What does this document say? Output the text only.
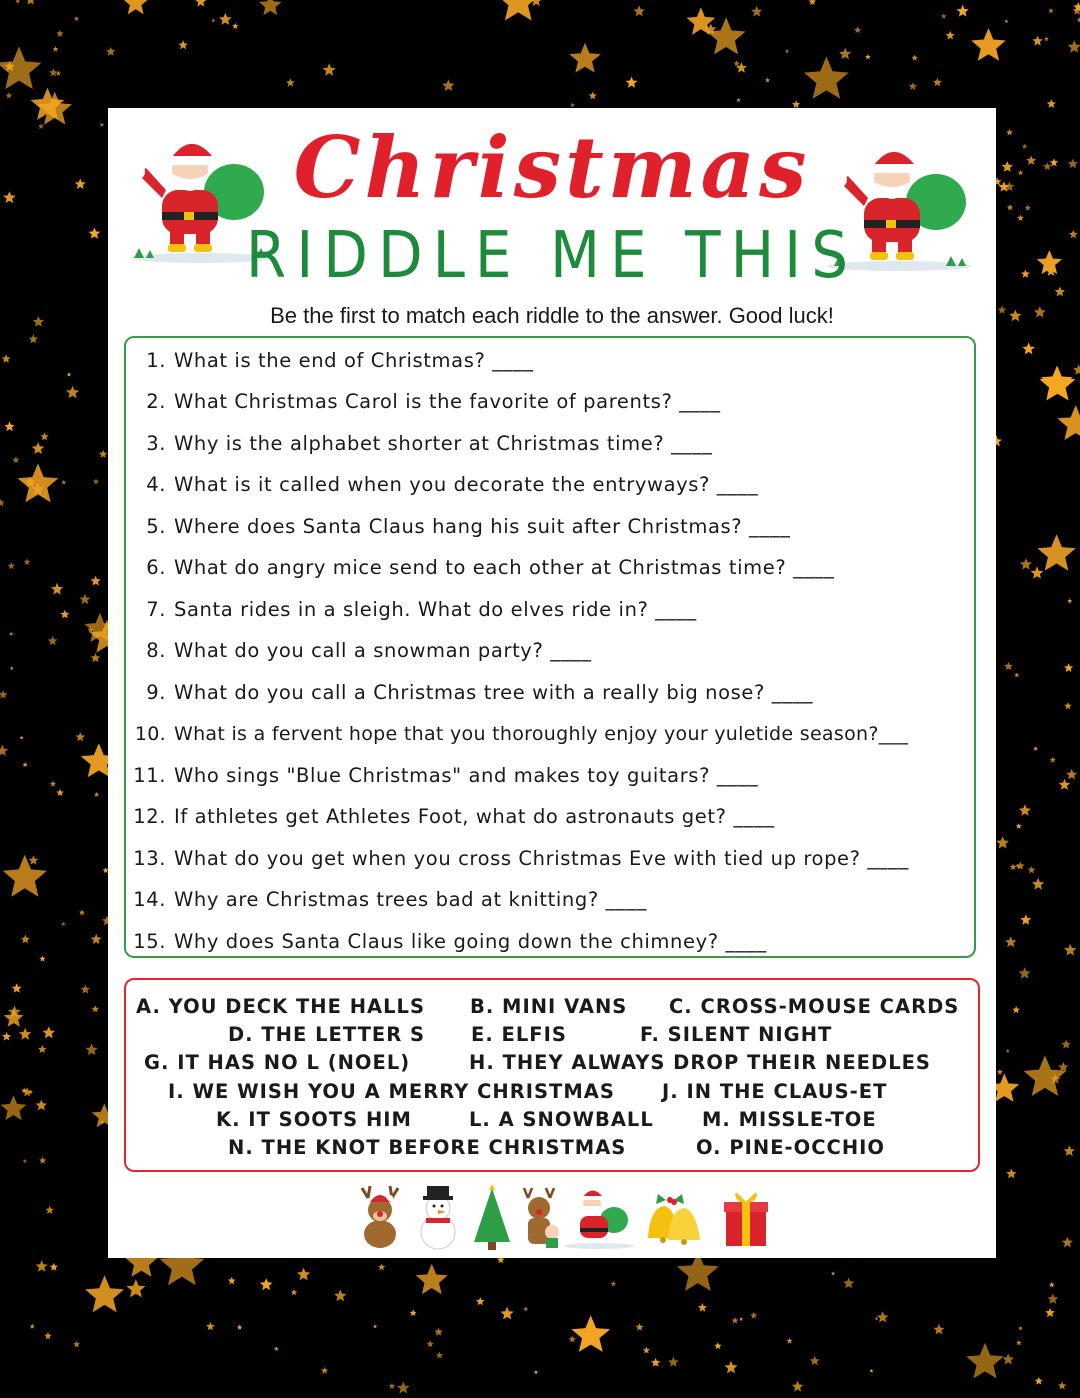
Christmas
RIDDLE ME THIS
Be the first to match each riddle to the answer. Good luck!
1. What is the end of Christmas? ____
2. What Christmas Carol is the favorite of parents? ____
3. Why is the alphabet shorter at Christmas time? ____
4. What is it called when you decorate the entryways? ____
5. Where does Santa Claus hang his suit after Christmas? ____
6. What do angry mice send to each other at Christmas time? ____
7. Santa rides in a sleigh. What do elves ride in? ____
8. What do you call a snowman party? ____
9. What do you call a Christmas tree with a really big nose? ____
10. What is a fervent hope that you thoroughly enjoy your yuletide season?___
11. Who sings "Blue Christmas" and makes toy guitars? ____
12. If athletes get Athletes Foot, what do astronauts get? ____
13. What do you get when you cross Christmas Eve with tied up rope? ____
14. Why are Christmas trees bad at knitting? ____
15. Why does Santa Claus like going down the chimney? ____
A. YOU DECK THE HALLS B. MINI VANS C. CROSS-MOUSE CARDS
D. THE LETTER S E. ELFIS	F. SILENT NIGHT
G. IT HAS NO L (NOEL)	H. THEY ALWAYS DROP THEIR NEEDLES
I. WE WISH YOU A MERRY CHRISTMAS J. IN THE CLAUS-ET
K. IT SOOTS HIM	L. A SNOWBALL M. MISSLE-TOE
N. THE KNOT BEFORE CHRISTMAS	O. PINE-OCCHIO
